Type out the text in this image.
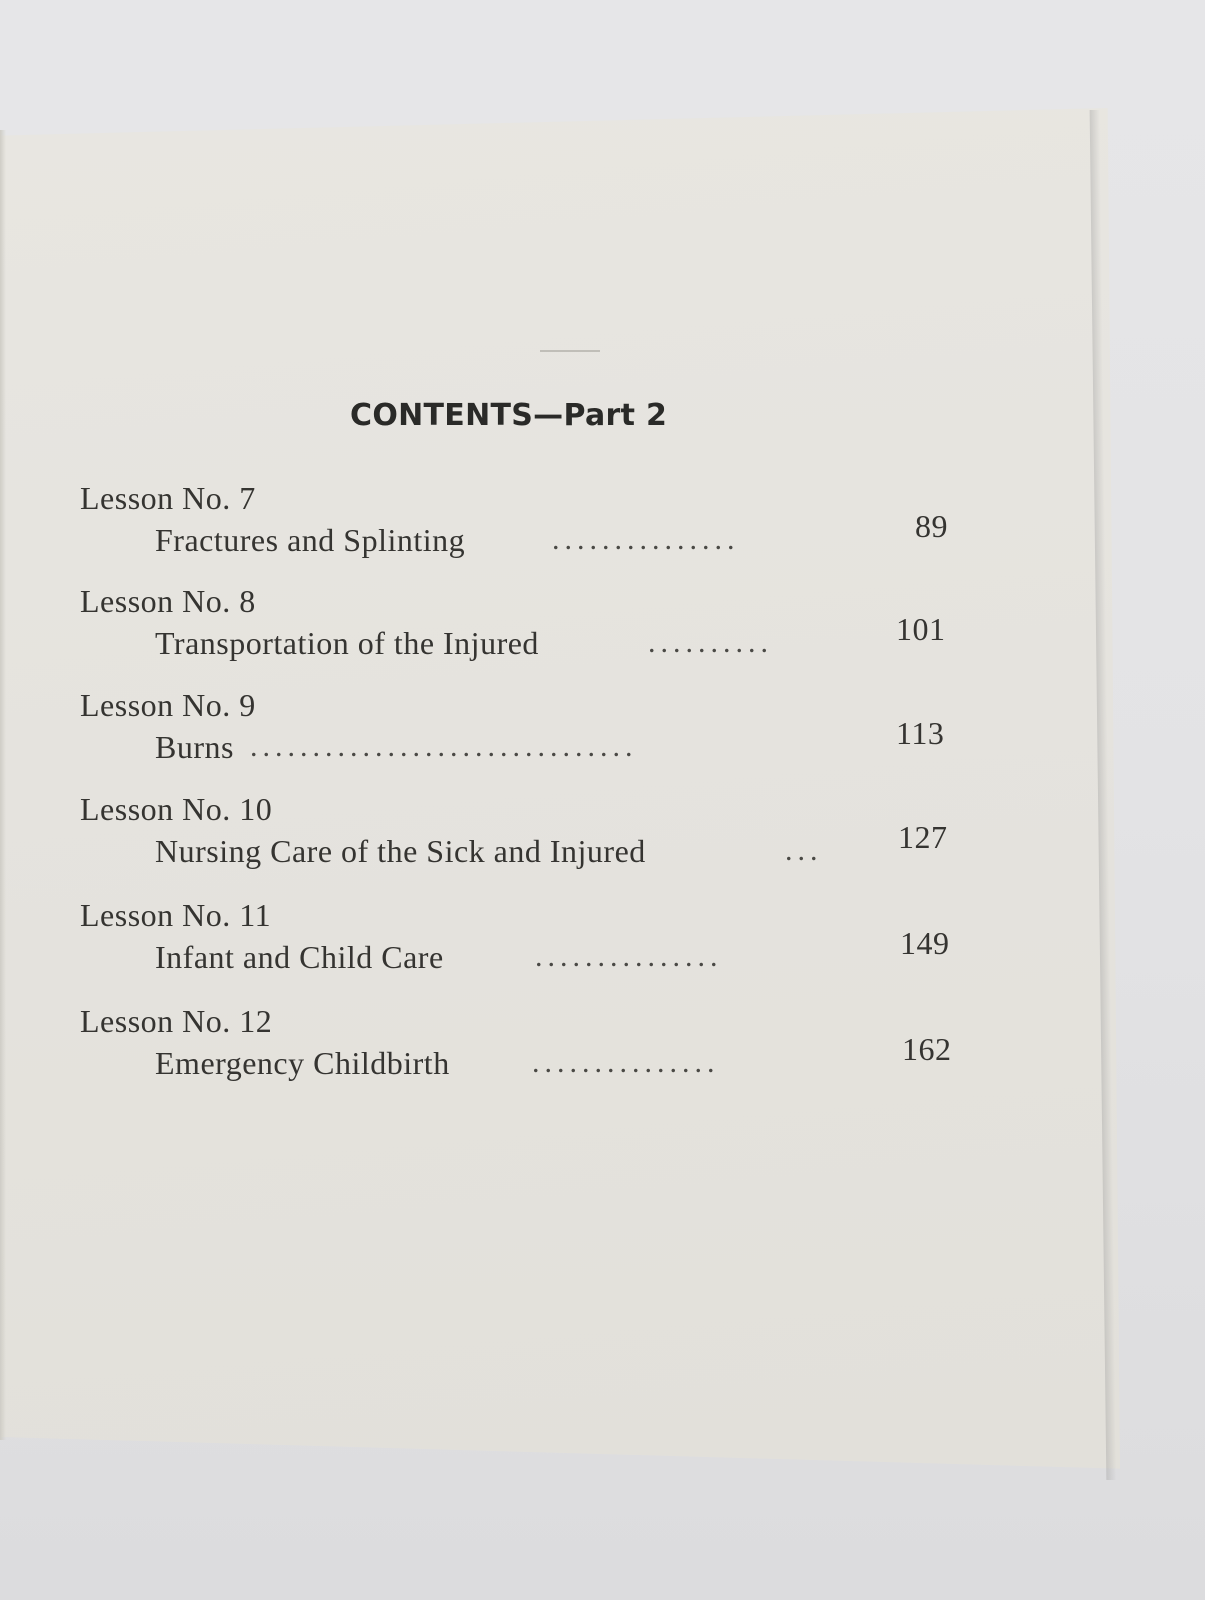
CONTENTS—Part 2
Lesson No. 7
Fractures and Splinting	...............	89
Lesson No. 8
Transportation of the Injured	..........	101
Lesson No. 9
Burns ...............................	113
Lesson No. 10
Nursing Care of the Sick and Injured	... 127
Lesson No. 11
Infant and Child Care	...............	149
Lesson No. 12
Emergency Childbirth	...............	162
